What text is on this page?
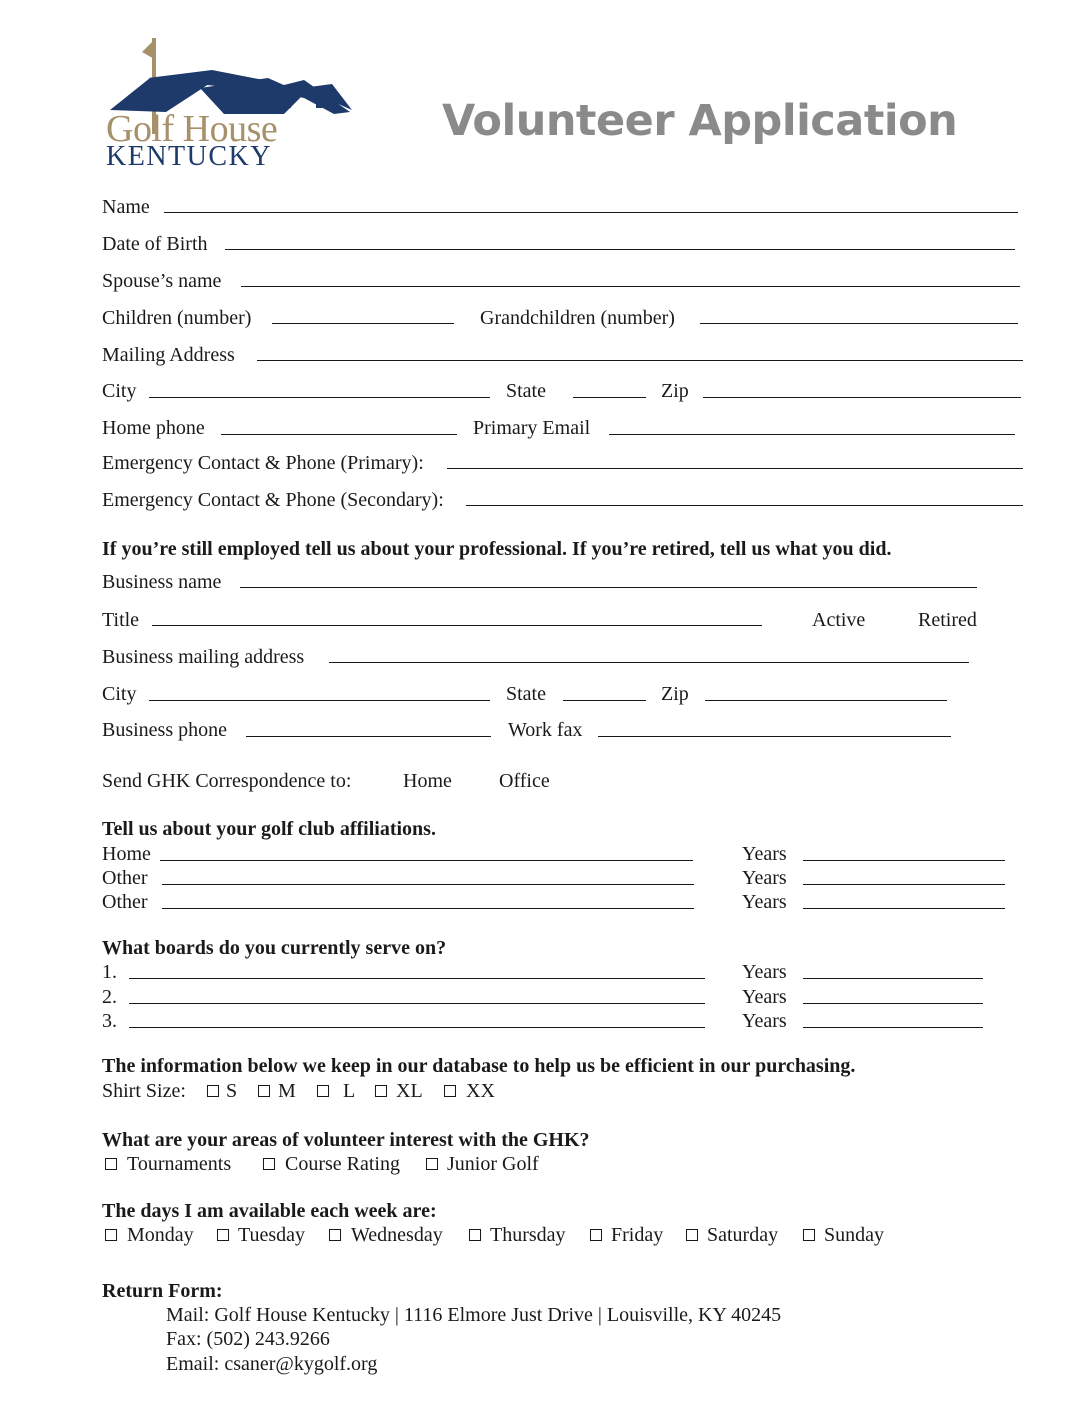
Golf House
KENTUCKY
Volunteer Application
Name
Date of Birth
Spouse’s name
Children (number)	Grandchildren (number)
Mailing Address
City	State	Zip
Home phone	Primary Email
Emergency Contact & Phone (Primary):
Emergency Contact & Phone (Secondary):
If you’re still employed tell us about your professional. If you’re retired, tell us what you did.
Business name
Title	Active	Retired
Business mailing address
City	State	Zip
Business phone	Work fax
Send GHK Correspondence to:	Home Office
Tell us about your golf club affiliations.
Home	Years
Other	Years
Other	Years
What boards do you currently serve on?
1.	Years
2.	Years
3.	Years
The information below we keep in our database to help us be efficient in our purchasing.
Shirt Size: S M L XL XX
What are your areas of volunteer interest with the GHK?
Tournaments	Course Rating Junior Golf
The days I am available each week are:
Monday Tuesday Wednesday Thursday Friday Saturday Sunday
Return Form:
Mail: Golf House Kentucky | 1116 Elmore Just Drive | Louisville, KY 40245
Fax: (502) 243.9266
Email: csaner@kygolf.org
